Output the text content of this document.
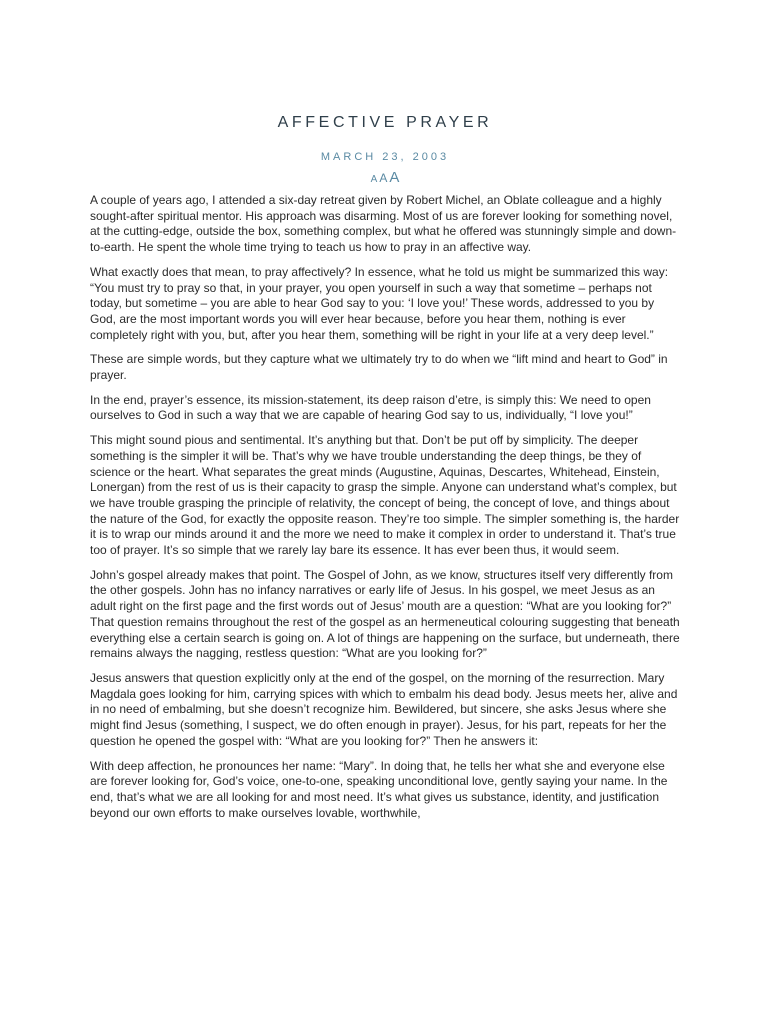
AFFECTIVE PRAYER
MARCH 23, 2003
A A A

A couple of years ago, I attended a six-day retreat given by Robert Michel, an Oblate colleague and a highly sought-after spiritual mentor. His approach was disarming. Most of us are forever looking for something novel, at the cutting-edge, outside the box, something complex, but what he offered was stunningly simple and down-to-earth. He spent the whole time trying to teach us how to pray in an affective way.

What exactly does that mean, to pray affectively? In essence, what he told us might be summarized this way: “You must try to pray so that, in your prayer, you open yourself in such a way that sometime – perhaps not today, but sometime – you are able to hear God say to you: ‘I love you!’ These words, addressed to you by God, are the most important words you will ever hear because, before you hear them, nothing is ever completely right with you, but, after you hear them, something will be right in your life at a very deep level.”

These are simple words, but they capture what we ultimately try to do when we “lift mind and heart to God” in prayer.

In the end, prayer’s essence, its mission-statement, its deep raison d’etre, is simply this: We need to open ourselves to God in such a way that we are capable of hearing God say to us, individually, “I love you!”

This might sound pious and sentimental. It’s anything but that. Don’t be put off by simplicity. The deeper something is the simpler it will be. That’s why we have trouble understanding the deep things, be they of science or the heart. What separates the great minds (Augustine, Aquinas, Descartes, Whitehead, Einstein, Lonergan) from the rest of us is their capacity to grasp the simple. Anyone can understand what’s complex, but we have trouble grasping the principle of relativity, the concept of being, the concept of love, and things about the nature of the God, for exactly the opposite reason. They’re too simple. The simpler something is, the harder it is to wrap our minds around it and the more we need to make it complex in order to understand it. That’s true too of prayer. It’s so simple that we rarely lay bare its essence. It has ever been thus, it would seem.

John’s gospel already makes that point. The Gospel of John, as we know, structures itself very differently from the other gospels. John has no infancy narratives or early life of Jesus. In his gospel, we meet Jesus as an adult right on the first page and the first words out of Jesus’ mouth are a question: “What are you looking for?” That question remains throughout the rest of the gospel as an hermeneutical colouring suggesting that beneath everything else a certain search is going on. A lot of things are happening on the surface, but underneath, there remains always the nagging, restless question: “What are you looking for?”

Jesus answers that question explicitly only at the end of the gospel, on the morning of the resurrection. Mary Magdala goes looking for him, carrying spices with which to embalm his dead body. Jesus meets her, alive and in no need of embalming, but she doesn’t recognize him. Bewildered, but sincere, she asks Jesus where she might find Jesus (something, I suspect, we do often enough in prayer). Jesus, for his part, repeats for her the question he opened the gospel with: “What are you looking for?” Then he answers it:

With deep affection, he pronounces her name: “Mary”. In doing that, he tells her what she and everyone else are forever looking for, God’s voice, one-to-one, speaking unconditional love, gently saying your name. In the end, that’s what we are all looking for and most need. It’s what gives us substance, identity, and justification beyond our own efforts to make ourselves lovable, worthwhile,
